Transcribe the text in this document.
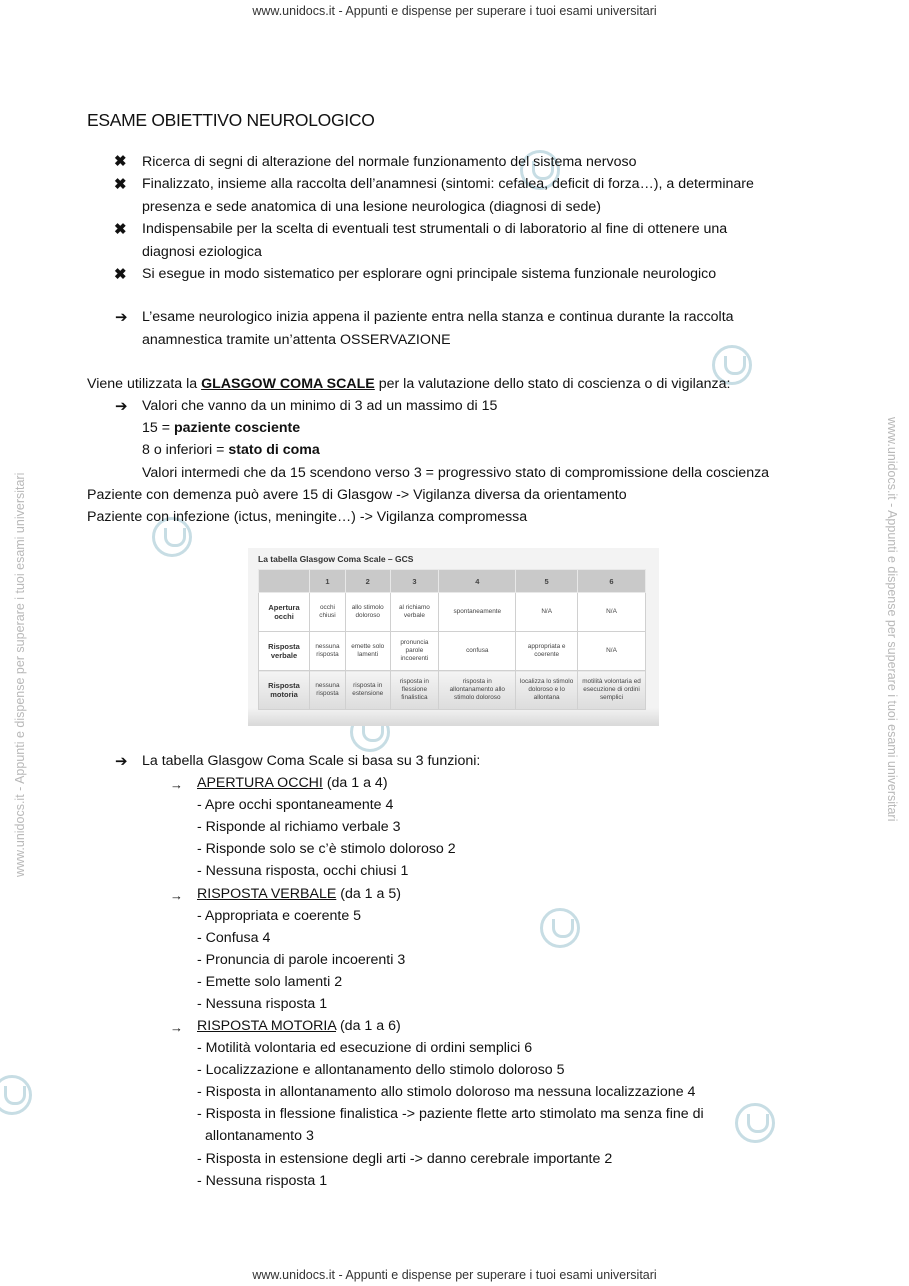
www.unidocs.it - Appunti e dispense per superare i tuoi esami universitari
www.unidocs.it - Appunti e dispense per superare i tuoi esami universitari
www.unidocs.it - Appunti e dispense per superare i tuoi esami universitari	www.unidocs.it - Appunti e dispense per superare i tuoi esami universitari
ESAME OBIETTIVO NEUROLOGICO
✖ Ricerca di segni di alterazione del normale funzionamento del sistema nervoso
✖ Finalizzato, insieme alla raccolta dell’anamnesi (sintomi: cefalea, deficit di forza…), a determinare
presenza e sede anatomica di una lesione neurologica (diagnosi di sede)
✖ Indispensabile per la scelta di eventuali test strumentali o di laboratorio al fine di ottenere una
diagnosi eziologica
✖ Si esegue in modo sistematico per esplorare ogni principale sistema funzionale neurologico
➔ L’esame neurologico inizia appena il paziente entra nella stanza e continua durante la raccolta
anamnestica tramite un’attenta OSSERVAZIONE
Viene utilizzata la GLASGOW COMA SCALE per la valutazione dello stato di coscienza o di vigilanza:
➔ Valori che vanno da un minimo di 3 ad un massimo di 15
15 = paziente cosciente
8 o inferiori = stato di coma
Valori intermedi che da 15 scendono verso 3 = progressivo stato di compromissione della coscienza
Paziente con demenza può avere 15 di Glasgow -> Vigilanza diversa da orientamento
Paziente con infezione (ictus, meningite…) -> Vigilanza compromessa
La tabella Glasgow Coma Scale – GCS
	1	2	3	4	5	6
Apertura occhi	occhi chiusi	allo stimolo doloroso	al richiamo verbale	spontaneamente	N/A	N/A
Risposta verbale	nessuna risposta	emette solo lamenti	pronuncia parole incoerenti	confusa	appropriata e coerente	N/A
Risposta motoria	nessuna risposta	risposta in estensione	risposta in flessione finalistica	risposta in allontanamento allo stimolo doloroso	localizza lo stimolo doloroso e lo allontana	motilità volontaria ed esecuzione di ordini semplici
➔ La tabella Glasgow Coma Scale si basa su 3 funzioni:
→ APERTURA OCCHI (da 1 a 4)
- Apre occhi spontaneamente 4
- Risponde al richiamo verbale 3
- Risponde solo se c’è stimolo doloroso 2
- Nessuna risposta, occhi chiusi 1
→ RISPOSTA VERBALE (da 1 a 5)
- Appropriata e coerente 5
- Confusa 4
- Pronuncia di parole incoerenti 3
- Emette solo lamenti 2
- Nessuna risposta 1
→ RISPOSTA MOTORIA (da 1 a 6)
- Motilità volontaria ed esecuzione di ordini semplici 6
- Localizzazione e allontanamento dello stimolo doloroso 5
- Risposta in allontanamento allo stimolo doloroso ma nessuna localizzazione 4
- Risposta in flessione finalistica -> paziente flette arto stimolato ma senza fine di
allontanamento 3
- Risposta in estensione degli arti -> danno cerebrale importante 2
- Nessuna risposta 1
